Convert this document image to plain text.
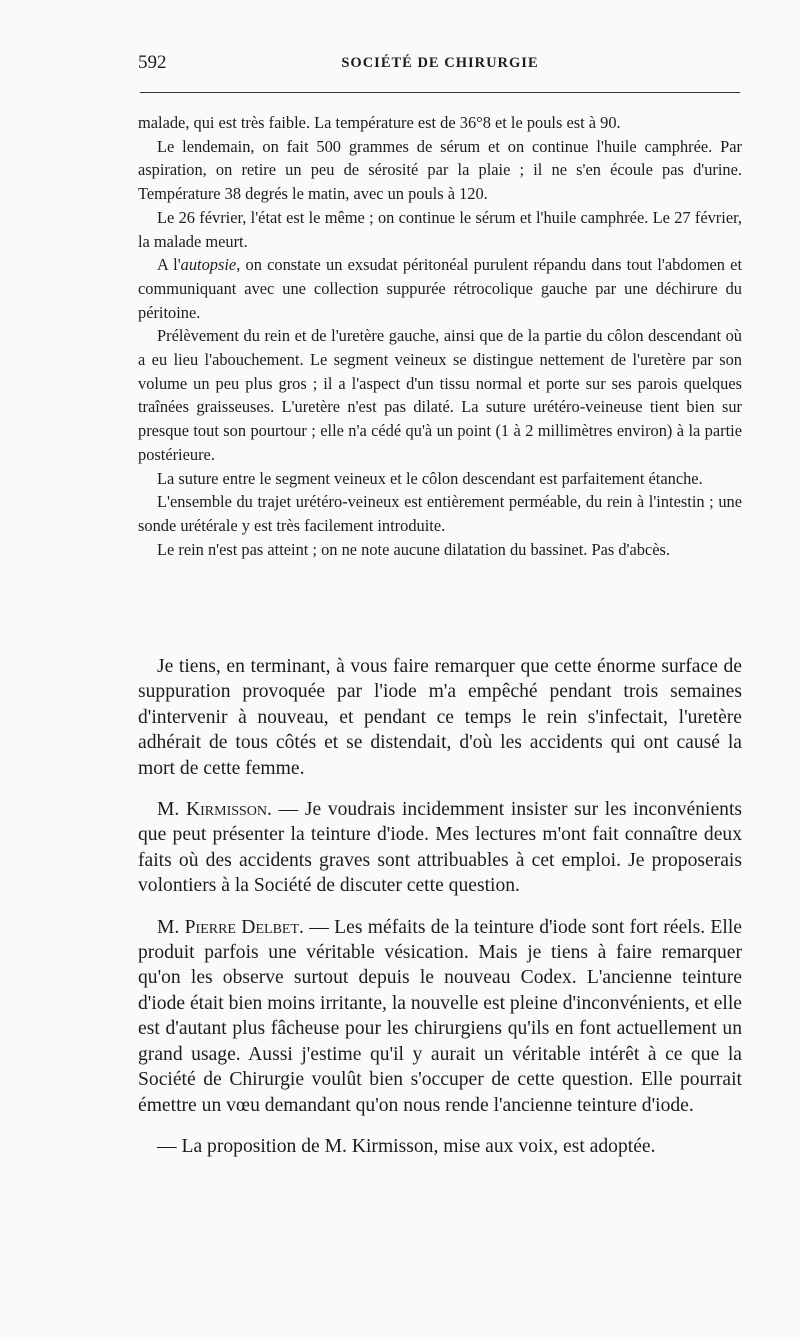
592	SOCIÉTÉ DE CHIRURGIE

malade, qui est très faible. La température est de 36°8 et le pouls est à 90.

Le lendemain, on fait 500 grammes de sérum et on continue l'huile camphrée. Par aspiration, on retire un peu de sérosité par la plaie ; il ne s'en écoule pas d'urine. Température 38 degrés le matin, avec un pouls à 120.

Le 26 février, l'état est le même ; on continue le sérum et l'huile camphrée. Le 27 février, la malade meurt.

A l'autopsie, on constate un exsudat péritonéal purulent répandu dans tout l'abdomen et communiquant avec une collection suppurée rétrocolique gauche par une déchirure du péritoine.

Prélèvement du rein et de l'uretère gauche, ainsi que de la partie du côlon descendant où a eu lieu l'abouchement. Le segment veineux se distingue nettement de l'uretère par son volume un peu plus gros ; il a l'aspect d'un tissu normal et porte sur ses parois quelques traînées graisseuses. L'uretère n'est pas dilaté. La suture urétéro-veineuse tient bien sur presque tout son pourtour ; elle n'a cédé qu'à un point (1 à 2 millimètres environ) à la partie postérieure.

La suture entre le segment veineux et le côlon descendant est parfaitement étanche.

L'ensemble du trajet urétéro-veineux est entièrement perméable, du rein à l'intestin ; une sonde urétérale y est très facilement introduite.

Le rein n'est pas atteint ; on ne note aucune dilatation du bassinet. Pas d'abcès.

Je tiens, en terminant, à vous faire remarquer que cette énorme surface de suppuration provoquée par l'iode m'a empêché pendant trois semaines d'intervenir à nouveau, et pendant ce temps le rein s'infectait, l'uretère adhérait de tous côtés et se distendait, d'où les accidents qui ont causé la mort de cette femme.

M. Kirmisson. — Je voudrais incidemment insister sur les inconvénients que peut présenter la teinture d'iode. Mes lectures m'ont fait connaître deux faits où des accidents graves sont attribuables à cet emploi. Je proposerais volontiers à la Société de discuter cette question.

M. Pierre Delbet. — Les méfaits de la teinture d'iode sont fort réels. Elle produit parfois une véritable vésication. Mais je tiens à faire remarquer qu'on les observe surtout depuis le nouveau Codex. L'ancienne teinture d'iode était bien moins irritante, la nouvelle est pleine d'inconvénients, et elle est d'autant plus fâcheuse pour les chirurgiens qu'ils en font actuellement un grand usage. Aussi j'estime qu'il y aurait un véritable intérêt à ce que la Société de Chirurgie voulût bien s'occuper de cette question. Elle pourrait émettre un vœu demandant qu'on nous rende l'ancienne teinture d'iode.

— La proposition de M. Kirmisson, mise aux voix, est adoptée.
